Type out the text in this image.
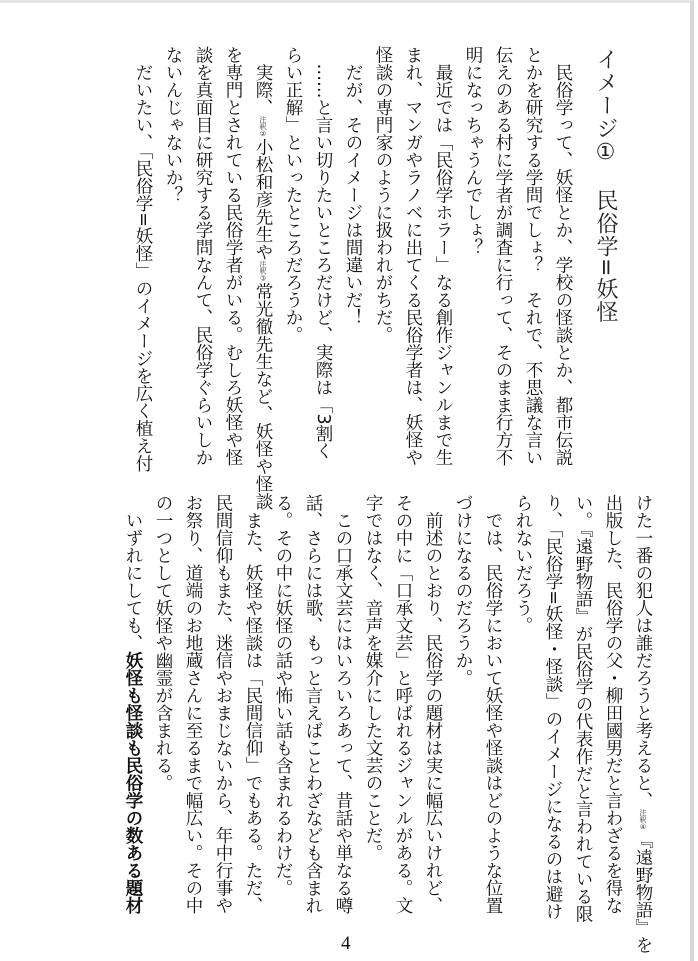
イメージ①　民俗学=妖怪
　民俗学って、妖怪とか、学校の怪談とか、都市伝説
とかを研究する学問でしょ？　それで、不思議な言い
伝えのある村に学者が調査に行って、そのまま行方不
明になっちゃうんでしょ？
　最近では「民俗学ホラー」なる創作ジャンルまで生
まれ、マンガやラノベに出てくる民俗学者は、妖怪や
怪談の専門家のように扱われがちだ。
　だが、そのイメージは間違いだ！
　……と言い切りたいところだけど、実際は「3割く
らい正解」といったところだろうか。
　実際、注釈②小松和彦先生や注釈③常光徹先生など、妖怪や怪談
を専門とされている民俗学者がいる。むしろ妖怪や怪
談を真面目に研究する学問なんて、民俗学ぐらいしか
ないんじゃないか？
　だいたい、「民俗学=妖怪」のイメージを広く植え付
けた一番の犯人は誰だろうと考えると、注釈④『遠野物語』を
出版した、民俗学の父・柳田國男だと言わざるを得な
い。『遠野物語』が民俗学の代表作だと言われている限
り、「民俗学=妖怪・怪談」のイメージになるのは避け
られないだろう。
　では、民俗学において妖怪や怪談はどのような位置
づけになるのだろうか。
　前述のとおり、民俗学の題材は実に幅広いけれど、
その中に「口承文芸」と呼ばれるジャンルがある。文
字ではなく、音声を媒介にした文芸のことだ。
　この口承文芸にはいろいろあって、昔話や単なる噂
話、さらには歌、もっと言えばことわざなども含まれ
る。その中に妖怪の話や怖い話も含まれるわけだ。
　また、妖怪や怪談は「民間信仰」でもある。ただ、
民間信仰もまた、迷信やおまじないから、年中行事や
お祭り、道端のお地蔵さんに至るまで幅広い。その中
の一つとして妖怪や幽霊が含まれる。
　いずれにしても、妖怪も怪談も民俗学の数ある題材
4
